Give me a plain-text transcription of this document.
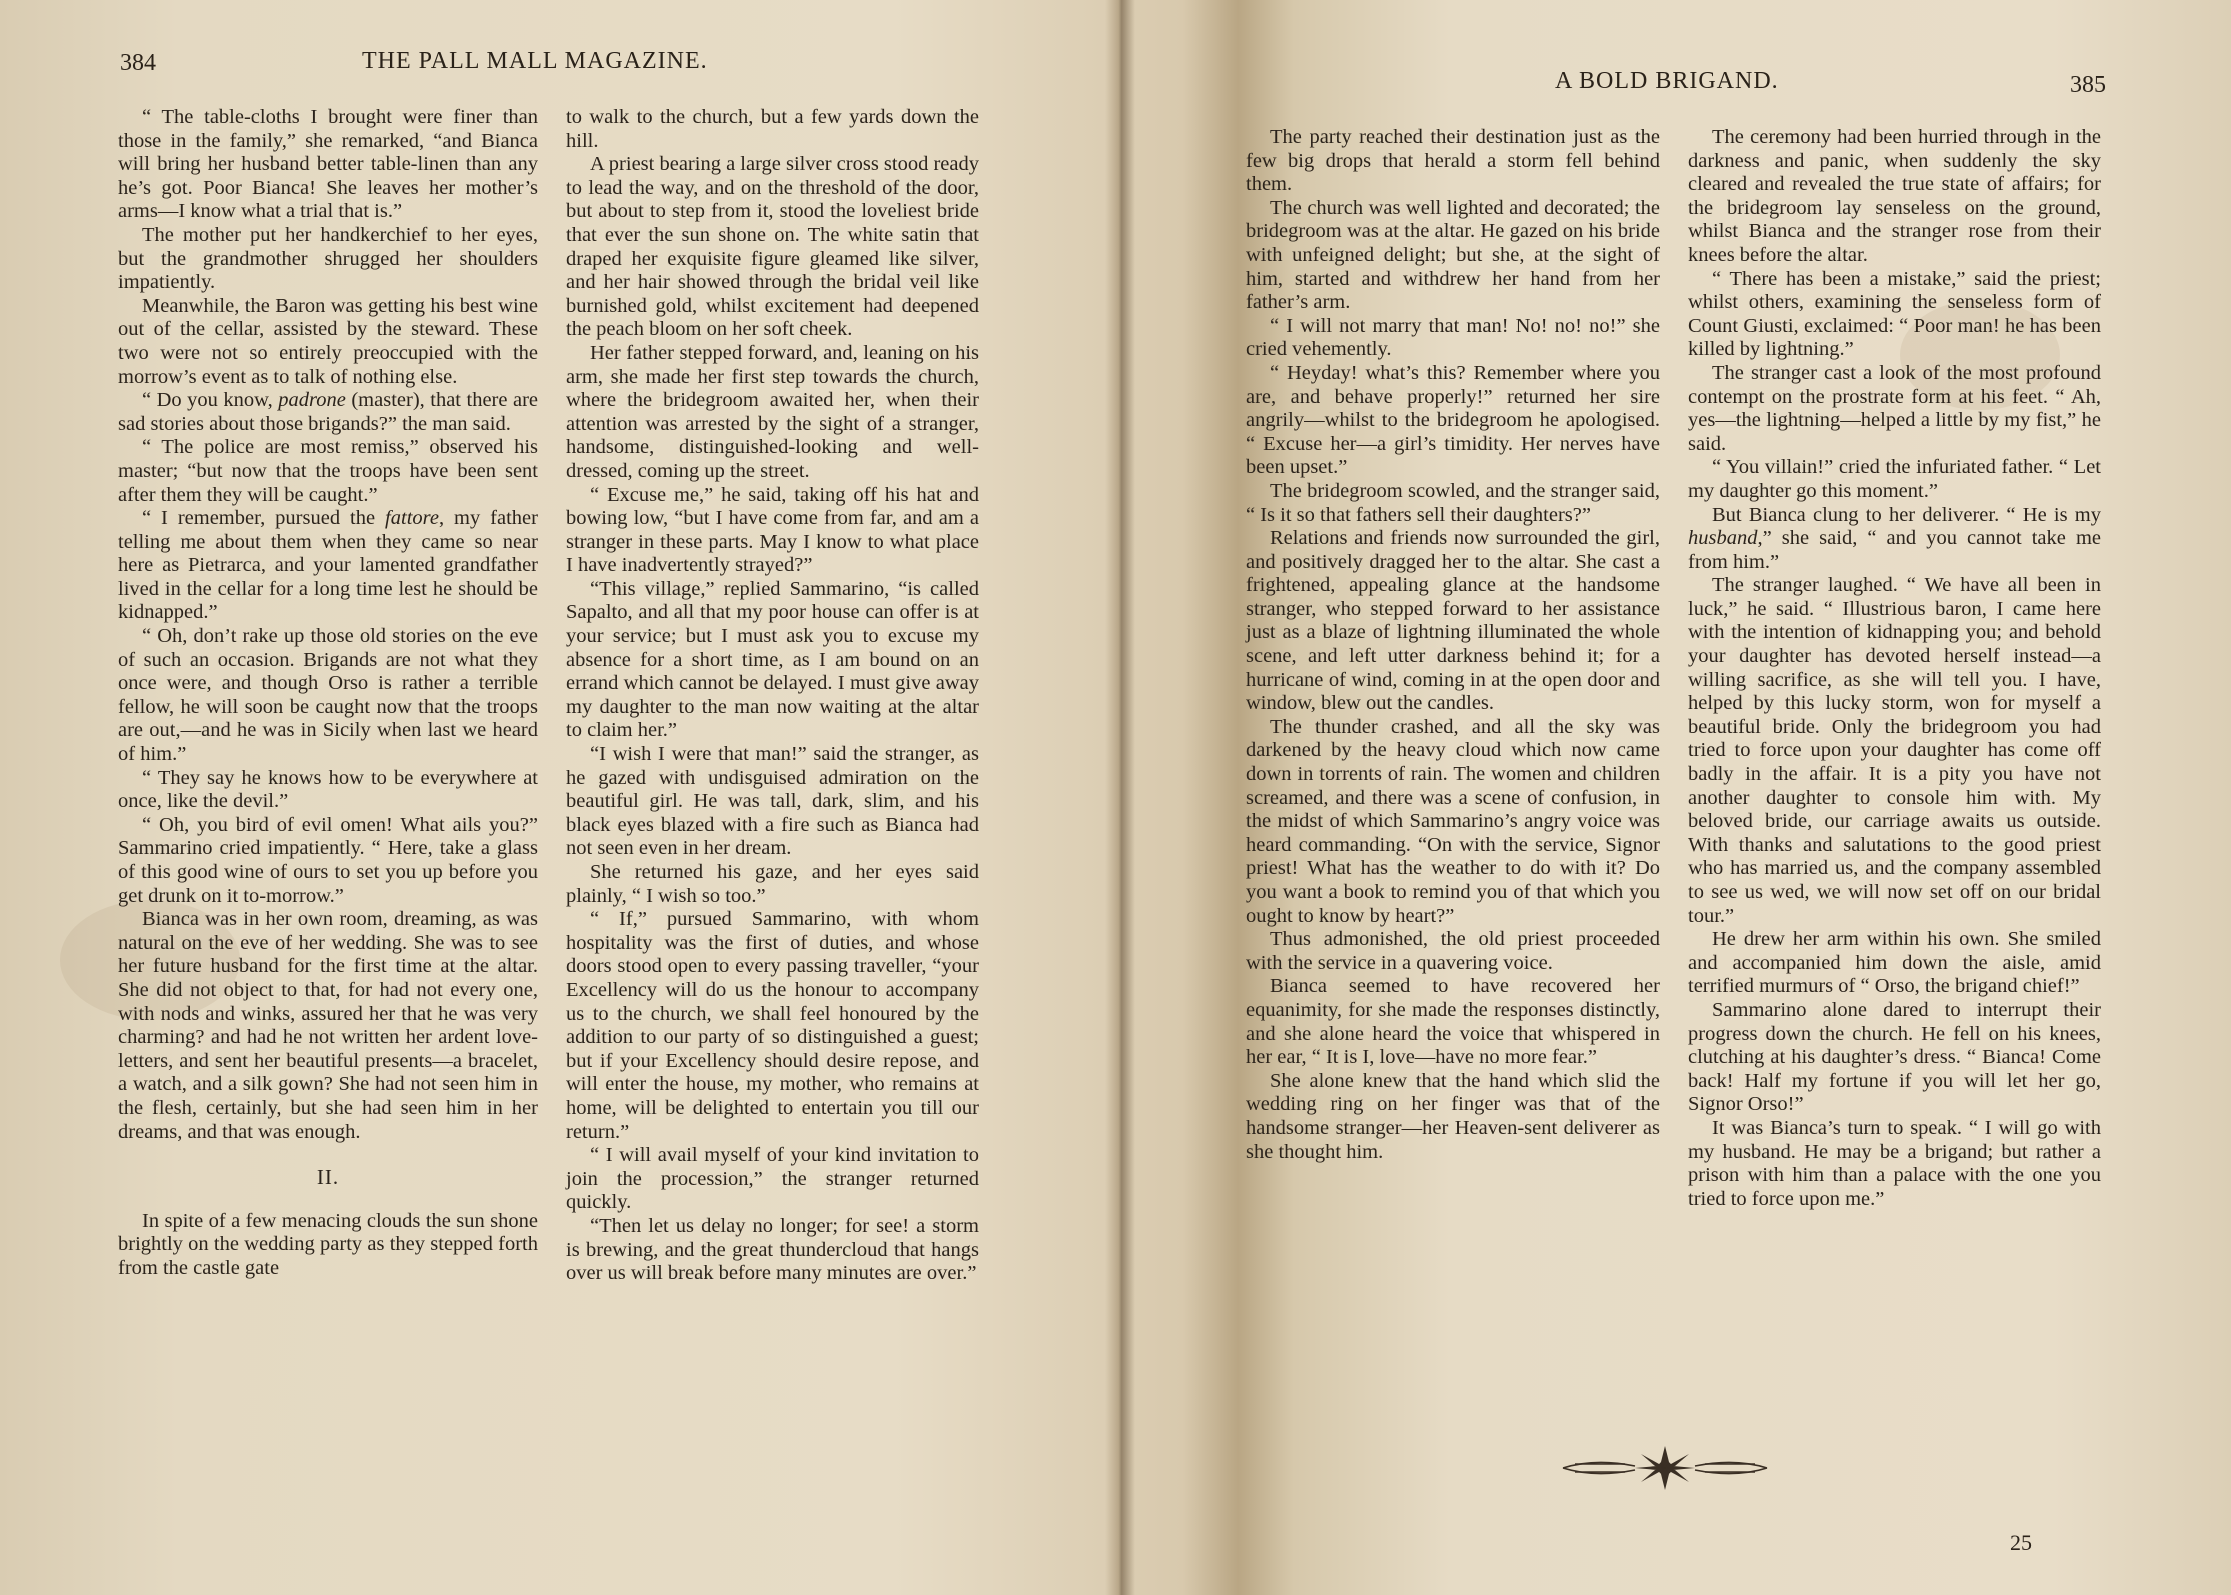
384	THE PALL MALL MAGAZINE.

“ The table-cloths I brought were finer than those in the family,” she remarked, “and Bianca will bring her husband better table-linen than any he’s got. Poor Bianca! She leaves her mother’s arms—I know what a trial that is.”

The mother put her handkerchief to her eyes, but the grandmother shrugged her shoulders impatiently.

Meanwhile, the Baron was getting his best wine out of the cellar, assisted by the steward. These two were not so entirely preoccupied with the morrow’s event as to talk of nothing else.

“ Do you know, padrone (master), that there are sad stories about those brigands?” the man said.

“ The police are most remiss,” observed his master; “but now that the troops have been sent after them they will be caught.”

“ I remember, pursued the fattore, my father telling me about them when they came so near here as Pietrarca, and your lamented grandfather lived in the cellar for a long time lest he should be kidnapped.”

“ Oh, don’t rake up those old stories on the eve of such an occasion. Brigands are not what they once were, and though Orso is rather a terrible fellow, he will soon be caught now that the troops are out,—and he was in Sicily when last we heard of him.”

“ They say he knows how to be everywhere at once, like the devil.”

“ Oh, you bird of evil omen! What ails you?” Sammarino cried impatiently. “ Here, take a glass of this good wine of ours to set you up before you get drunk on it to-morrow.”

Bianca was in her own room, dreaming, as was natural on the eve of her wedding. She was to see her future husband for the first time at the altar. She did not object to that, for had not every one, with nods and winks, assured her that he was very charming? and had he not written her ardent love-letters, and sent her beautiful presents—a bracelet, a watch, and a silk gown? She had not seen him in the flesh, certainly, but she had seen him in her dreams, and that was enough.

II.

In spite of a few menacing clouds the sun shone brightly on the wedding party as they stepped forth from the castle gate

to walk to the church, but a few yards down the hill.

A priest bearing a large silver cross stood ready to lead the way, and on the threshold of the door, but about to step from it, stood the loveliest bride that ever the sun shone on. The white satin that draped her exquisite figure gleamed like silver, and her hair showed through the bridal veil like burnished gold, whilst excitement had deepened the peach bloom on her soft cheek.

Her father stepped forward, and, leaning on his arm, she made her first step towards the church, where the bridegroom awaited her, when their attention was arrested by the sight of a stranger, handsome, distinguished-looking and well-dressed, coming up the street.

“ Excuse me,” he said, taking off his hat and bowing low, “but I have come from far, and am a stranger in these parts. May I know to what place I have inadvertently strayed?”

“This village,” replied Sammarino, “is called Sapalto, and all that my poor house can offer is at your service; but I must ask you to excuse my absence for a short time, as I am bound on an errand which cannot be delayed. I must give away my daughter to the man now waiting at the altar to claim her.”

“I wish I were that man!” said the stranger, as he gazed with undisguised admiration on the beautiful girl. He was tall, dark, slim, and his black eyes blazed with a fire such as Bianca had not seen even in her dream.

She returned his gaze, and her eyes said plainly, “ I wish so too.”

“ If,” pursued Sammarino, with whom hospitality was the first of duties, and whose doors stood open to every passing traveller, “your Excellency will do us the honour to accompany us to the church, we shall feel honoured by the addition to our party of so distinguished a guest; but if your Excellency should desire repose, and will enter the house, my mother, who remains at home, will be delighted to entertain you till our return.”

“ I will avail myself of your kind invitation to join the procession,” the stranger returned quickly.

“Then let us delay no longer; for see! a storm is brewing, and the great thundercloud that hangs over us will break before many minutes are over.”

A BOLD BRIGAND.	385

The party reached their destination just as the few big drops that herald a storm fell behind them.

The church was well lighted and decorated; the bridegroom was at the altar. He gazed on his bride with unfeigned delight; but she, at the sight of him, started and withdrew her hand from her father’s arm.

“ I will not marry that man! No! no! no!” she cried vehemently.

“ Heyday! what’s this? Remember where you are, and behave properly!” returned her sire angrily—whilst to the bridegroom he apologised. “ Excuse her—a girl’s timidity. Her nerves have been upset.”

The bridegroom scowled, and the stranger said, “ Is it so that fathers sell their daughters?”

Relations and friends now surrounded the girl, and positively dragged her to the altar. She cast a frightened, appealing glance at the handsome stranger, who stepped forward to her assistance just as a blaze of lightning illuminated the whole scene, and left utter darkness behind it; for a hurricane of wind, coming in at the open door and window, blew out the candles.

The thunder crashed, and all the sky was darkened by the heavy cloud which now came down in torrents of rain. The women and children screamed, and there was a scene of confusion, in the midst of which Sammarino’s angry voice was heard commanding. “On with the service, Signor priest! What has the weather to do with it? Do you want a book to remind you of that which you ought to know by heart?”

Thus admonished, the old priest proceeded with the service in a quavering voice.

Bianca seemed to have recovered her equanimity, for she made the responses distinctly, and she alone heard the voice that whispered in her ear, “ It is I, love—have no more fear.”

She alone knew that the hand which slid the wedding ring on her finger was that of the handsome stranger—her Heaven-sent deliverer as she thought him.

The ceremony had been hurried through in the darkness and panic, when suddenly the sky cleared and revealed the true state of affairs; for the bridegroom lay senseless on the ground, whilst Bianca and the stranger rose from their knees before the altar.

“ There has been a mistake,” said the priest; whilst others, examining the senseless form of Count Giusti, exclaimed: “ Poor man! he has been killed by lightning.”

The stranger cast a look of the most profound contempt on the prostrate form at his feet. “ Ah, yes—the lightning—helped a little by my fist,” he said.

“ You villain!” cried the infuriated father. “ Let my daughter go this moment.”

But Bianca clung to her deliverer. “ He is my husband,” she said, “ and you cannot take me from him.”

The stranger laughed. “ We have all been in luck,” he said. “ Illustrious baron, I came here with the intention of kidnapping you; and behold your daughter has devoted herself instead—a willing sacrifice, as she will tell you. I have, helped by this lucky storm, won for myself a beautiful bride. Only the bridegroom you had tried to force upon your daughter has come off badly in the affair. It is a pity you have not another daughter to console him with. My beloved bride, our carriage awaits us outside. With thanks and salutations to the good priest who has married us, and the company assembled to see us wed, we will now set off on our bridal tour.”

He drew her arm within his own. She smiled and accompanied him down the aisle, amid terrified murmurs of “ Orso, the brigand chief!”

Sammarino alone dared to interrupt their progress down the church. He fell on his knees, clutching at his daughter’s dress. “ Bianca! Come back! Half my fortune if you will let her go, Signor Orso!”

It was Bianca’s turn to speak. “ I will go with my husband. He may be a brigand; but rather a prison with him than a palace with the one you tried to force upon me.”

25
